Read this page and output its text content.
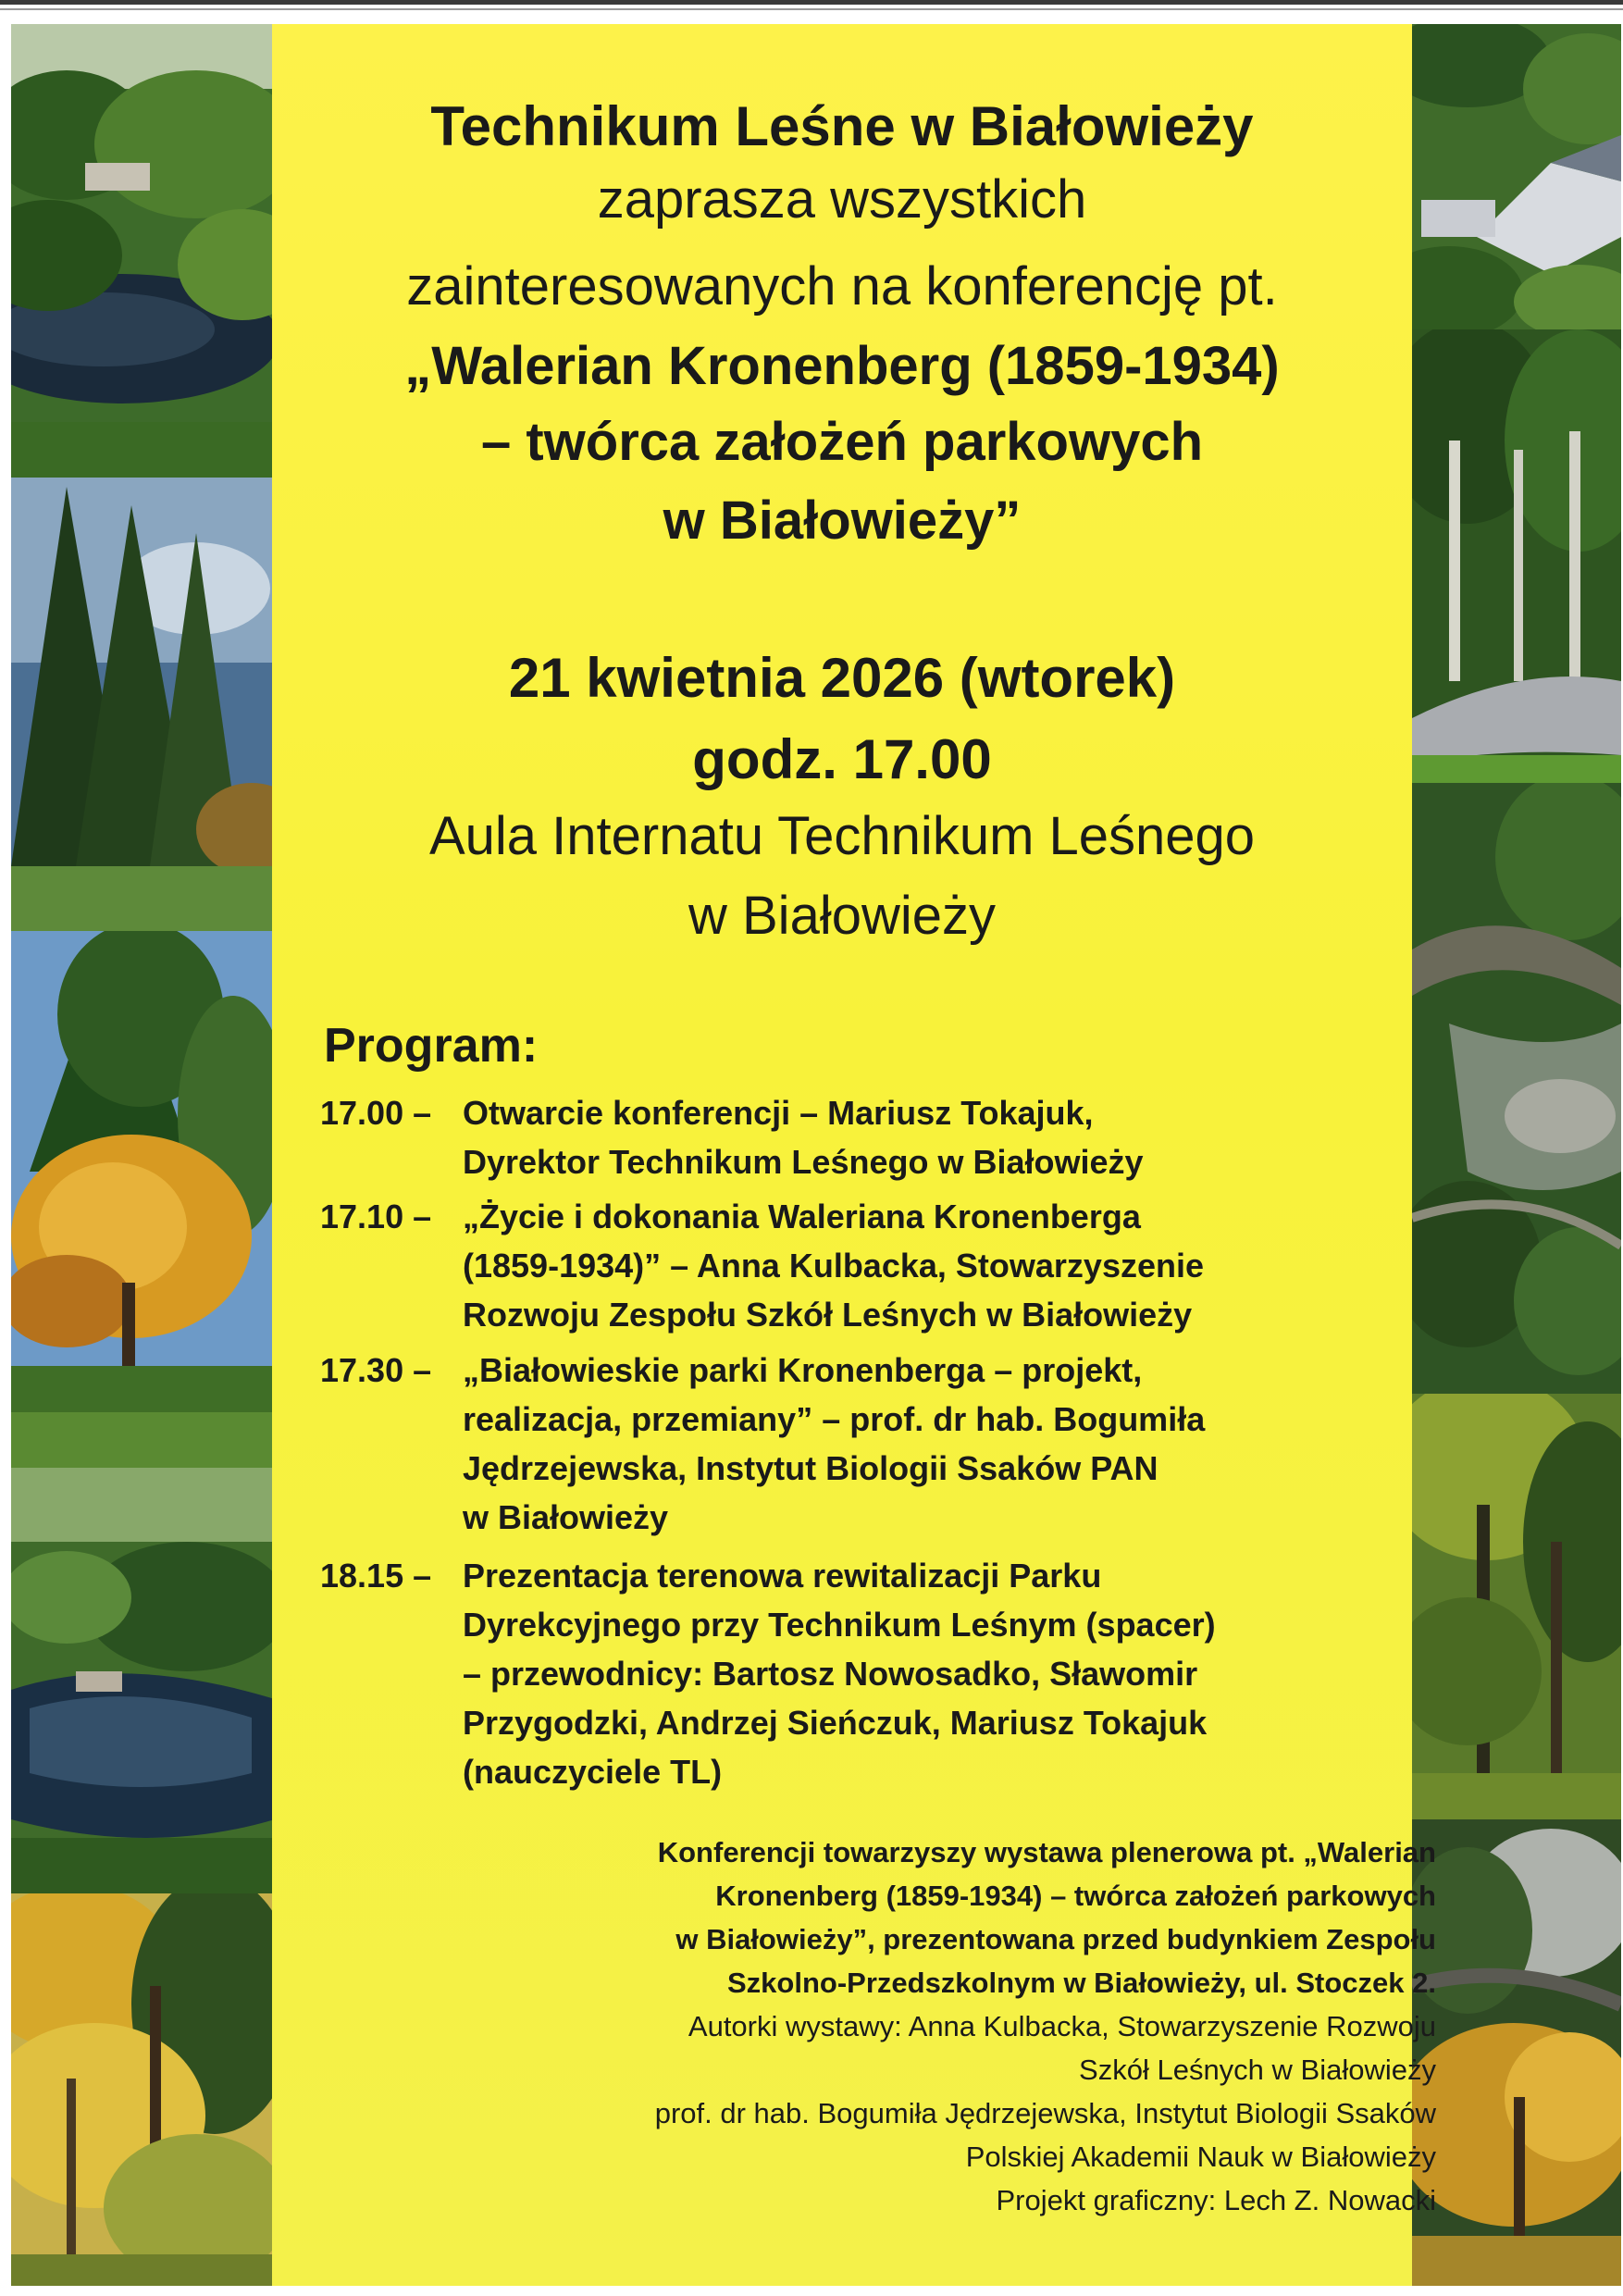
Technikum Leśne w Białowieży
zaprasza wszystkich
zainteresowanych na konferencję pt.
„Walerian Kronenberg (1859-1934)
– twórca założeń parkowych
w Białowieży”
21 kwietnia 2026 (wtorek)
godz. 17.00
Aula Internatu Technikum Leśnego
w Białowieży
Program:
17.00 – Otwarcie konferencji – Mariusz Tokajuk,
Dyrektor Technikum Leśnego w Białowieży
17.10 – „Życie i dokonania Waleriana Kronenberga
(1859-1934)” – Anna Kulbacka, Stowarzyszenie
Rozwoju Zespołu Szkół Leśnych w Białowieży
17.30 – „Białowieskie parki Kronenberga – projekt,
realizacja, przemiany” – prof. dr hab. Bogumiła
Jędrzejewska, Instytut Biologii Ssaków PAN
w Białowieży
18.15 – Prezentacja terenowa rewitalizacji Parku
Dyrekcyjnego przy Technikum Leśnym (spacer)
– przewodnicy: Bartosz Nowosadko, Sławomir
Przygodzki, Andrzej Sieńczuk, Mariusz Tokajuk
(nauczyciele TL)
Konferencji towarzyszy wystawa plenerowa pt. „Walerian
Kronenberg (1859-1934) – twórca założeń parkowych
w Białowieży”, prezentowana przed budynkiem Zespołu
Szkolno-Przedszkolnym w Białowieży, ul. Stoczek 2.
Autorki wystawy: Anna Kulbacka, Stowarzyszenie Rozwoju
Szkół Leśnych w Białowieży
prof. dr hab. Bogumiła Jędrzejewska, Instytut Biologii Ssaków
Polskiej Akademii Nauk w Białowieży
Projekt graficzny: Lech Z. Nowacki
